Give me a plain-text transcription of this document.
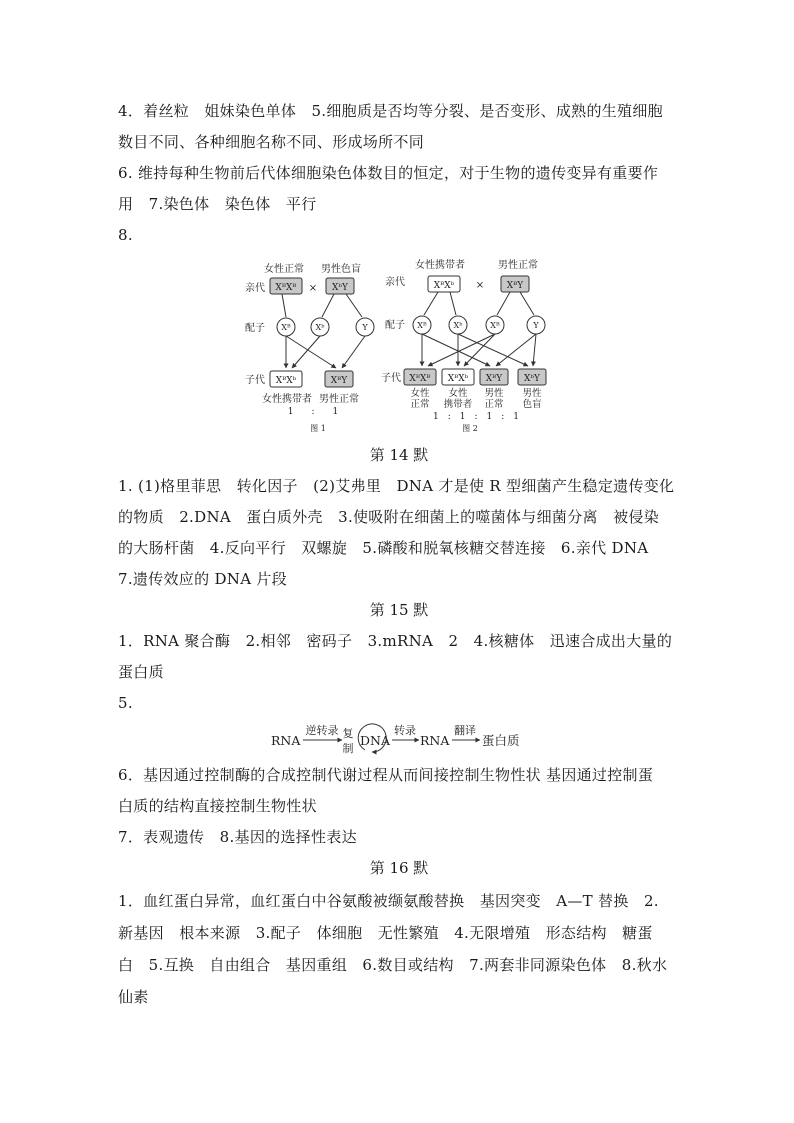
4．着丝粒　姐妹染色单体　5.细胞质是否均等分裂、是否变形、成熟的生殖细胞

数目不同、各种细胞名称不同、形成场所不同

6. 维持每种生物前后代体细胞染色体数目的恒定，对于生物的遗传变异有重要作

用　7.染色体　染色体　平行

8.

女性正常 男性色盲
亲代 XᴮXᴮ × XᵇY
配子 Xᴮ	Xᵇ	Y
子代 XᴮXᵇ	XᴮY
女性携带者 男性正常
1　　:　　1
图 1
女性携带者	男性正常
亲代	XᴮXᵇ ×	XᴮY
配子 Xᴮ	Xᵇ	Xᴮ	Y
子代 XᴮXᴮ XᴮXᵇ XᴮY XᵇY
女性
正常
女性
携带者
男性
正常
男性
色盲
1　:　1　:　1　:　1
图 2
RNA
逆转录 复
制
DNA
转录
RNA
翻译
蛋白质

第 14 默

1. (1)格里菲思　转化因子　(2)艾弗里　DNA 才是使 R 型细菌产生稳定遗传变化

的物质　2.DNA　蛋白质外壳　3.使吸附在细菌上的噬菌体与细菌分离　被侵染

的大肠杆菌　4.反向平行　双螺旋　5.磷酸和脱氧核糖交替连接　6.亲代 DNA

7.遗传效应的 DNA 片段

第 15 默

1．RNA 聚合酶　2.相邻　密码子　3.mRNA　2　4.核糖体　迅速合成出大量的

蛋白质

5.

6．基因通过控制酶的合成控制代谢过程从而间接控制生物性状 基因通过控制蛋

白质的结构直接控制生物性状

7．表观遗传　8.基因的选择性表达

第 16 默

1．血红蛋白异常，血红蛋白中谷氨酸被缬氨酸替换　基因突变　A—T 替换　2.

新基因　根本来源　3.配子　体细胞　无性繁殖　4.无限增殖　形态结构　糖蛋

白　5.互换　自由组合　基因重组　6.数目或结构　7.两套非同源染色体　8.秋水

仙素
